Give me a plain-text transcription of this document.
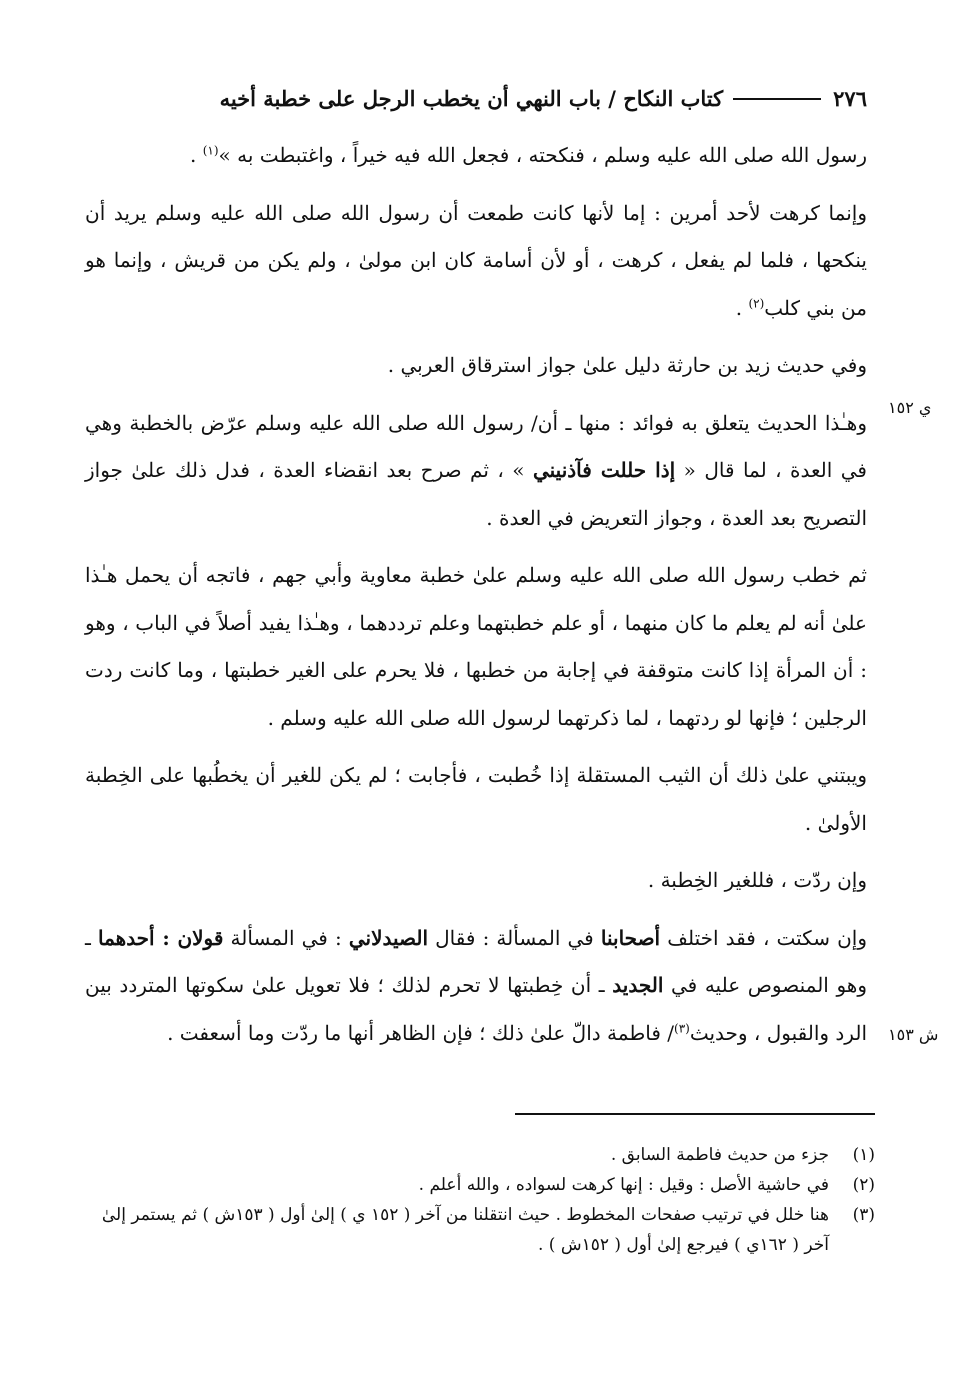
٢٧٦
كتاب النكاح / باب النهي أن يخطب الرجل على خطبة أخيه
ي ١٥٢
ش ١٥٣

رسول الله صلى الله عليه وسلم ، فنكحته ، فجعل الله فيه خيراً ، واغتبطت به »$^{(١)}$ .

وإنما كرهت لأحد أمرين : إما لأنها كانت طمعت أن رسول الله صلى الله عليه وسلم يريد أن ينكحها ، فلما لم يفعل ، كرهت ، أو لأن أسامة كان ابن مولىٰ ، ولم يكن من قريش ، وإنما هو من بني كلب$^{(٢)}$ .

وفي حديث زيد بن حارثة دليل علىٰ جواز استرقاق العربي .

وهـٰذا الحديث يتعلق به فوائد : منها ـ أن/ رسول الله صلى الله عليه وسلم عرّض بالخطبة وهي في العدة ، لما قال « إذا حللت فآذنيني » ، ثم صرح بعد انقضاء العدة ، فدل ذلك علىٰ جواز التصريح بعد العدة ، وجواز التعريض في العدة .

ثم خطب رسول الله صلى الله عليه وسلم علىٰ خطبة معاوية وأبي جهم ، فاتجه أن يحمل هـٰذا علىٰ أنه لم يعلم ما كان منهما ، أو علم خطبتهما وعلم ترددهما ، وهـٰذا يفيد أصلاً في الباب ، وهو : أن المرأة إذا كانت متوقفة في إجابة من خطبها ، فلا يحرم على الغير خطبتها ، وما كانت ردت الرجلين ؛ فإنها لو ردتهما ، لما ذكرتهما لرسول الله صلى الله عليه وسلم .

ويبتني علىٰ ذلك أن الثيب المستقلة إذا خُطبت ، فأجابت ؛ لم يكن للغير أن يخطُبها على الخِطبة الأولىٰ .

وإن ردّت ، فللغير الخِطبة .

وإن سكتت ، فقد اختلف أصحابنا في المسألة : فقال الصيدلاني : في المسألة قولان : أحدهما ـ وهو المنصوص عليه في الجديد ـ أن خِطبتها لا تحرم لذلك ؛ فلا تعويل علىٰ سكوتها المتردد بين الرد والقبول ، وحديث$^{(٣)}$/ فاطمة دالّ علىٰ ذلك ؛ فإن الظاهر أنها ما ردّت وما أسعفت .

(١)
جزء من حديث فاطمة السابق .
(٢)
في حاشية الأصل : وقيل : إنها كرهت لسواده ، والله أعلم .
(٣)
هنا خلل في ترتيب صفحات المخطوط . حيث انتقلنا من آخر ( ١٥٢ ي ) إلىٰ أول ( ١٥٣ش ) ثم يستمر إلىٰ آخر ( ١٦٢ي ) فيرجع إلىٰ أول ( ١٥٢ش ) .
